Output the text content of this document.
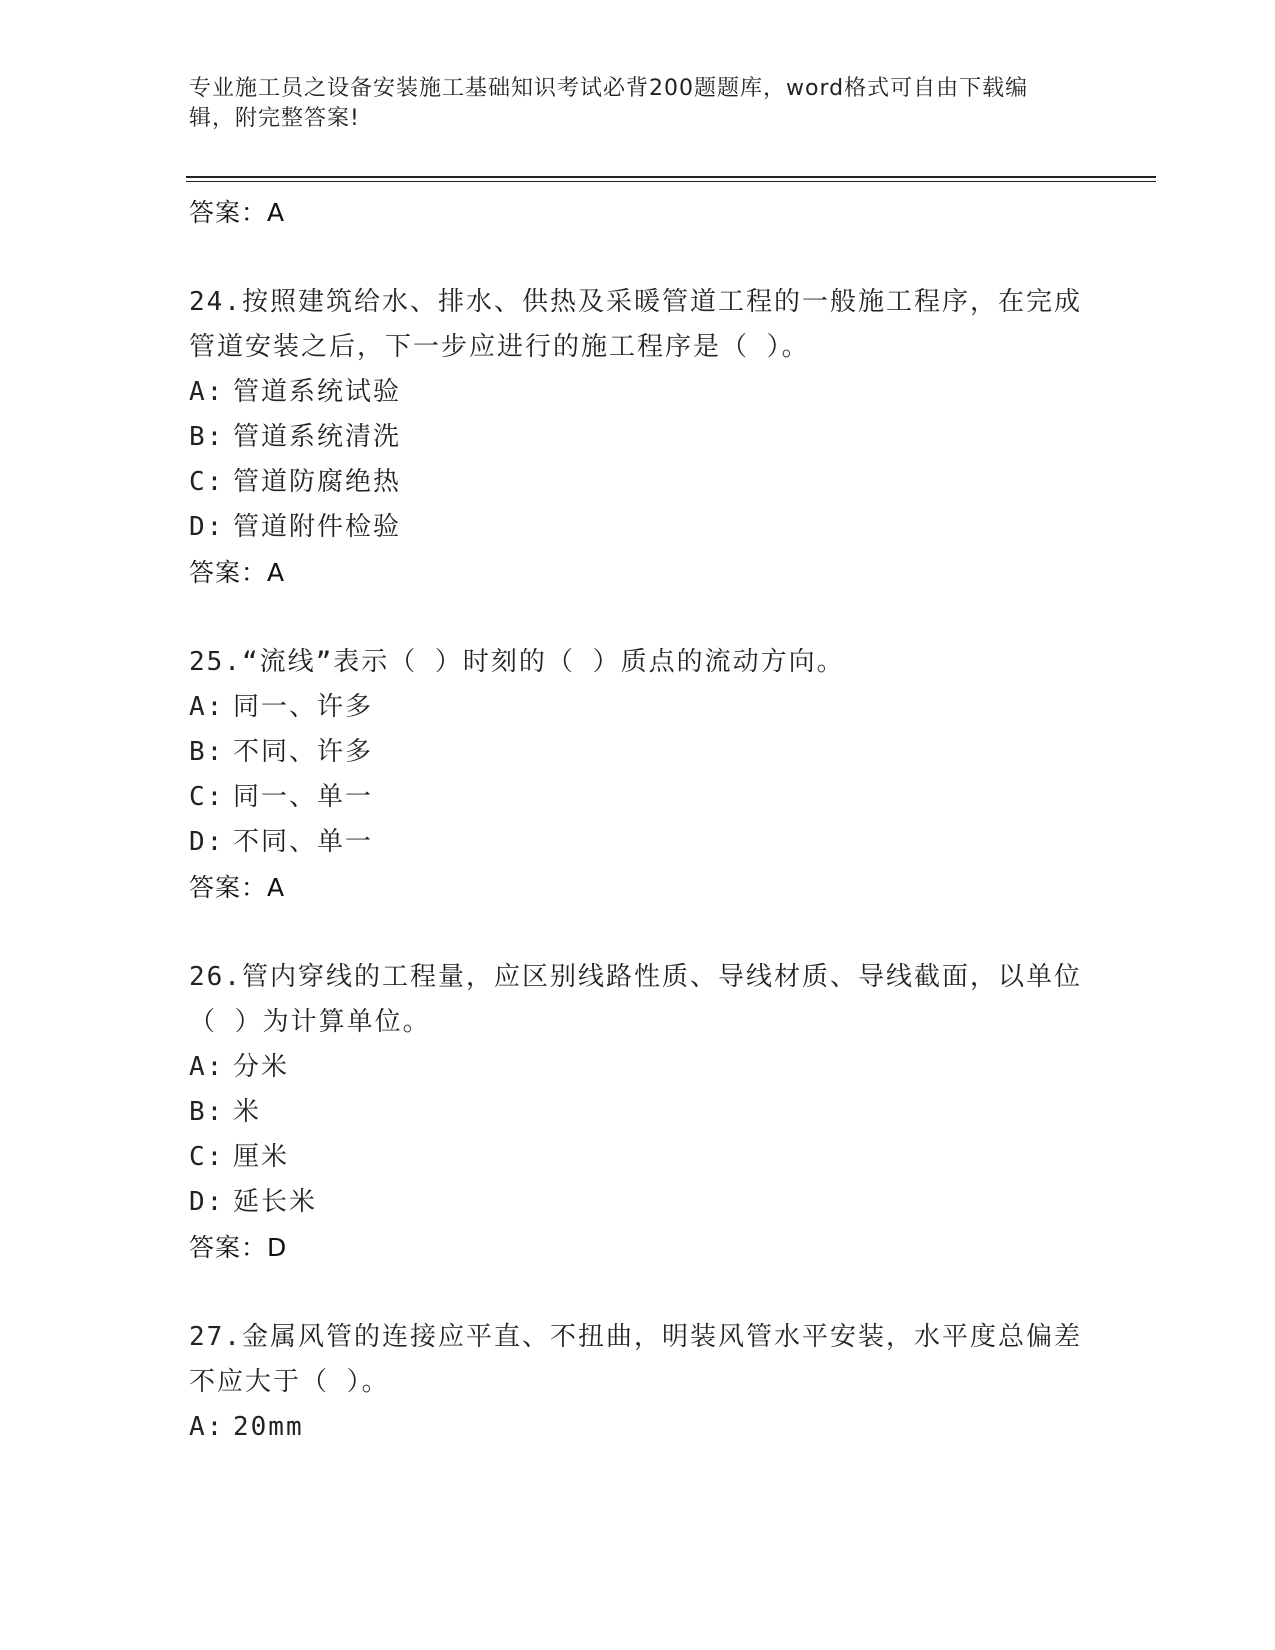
专业施工员之设备安装施工基础知识考试必背200题题库，word格式可自由下载编辑，附完整答案!
答案：A
24.按照建筑给水、排水、供热及采暖管道工程的一般施工程序，在完成管道安装之后，下一步应进行的施工程序是（ ）。
A: 管道系统试验
B: 管道系统清洗
C: 管道防腐绝热
D: 管道附件检验
答案：A
25.“流线”表示（ ）时刻的（ ）质点的流动方向。
A: 同一、许多
B: 不同、许多
C: 同一、单一
D: 不同、单一
答案：A
26.管内穿线的工程量，应区别线路性质、导线材质、导线截面，以单位（ ）为计算单位。
A: 分米
B: 米
C: 厘米
D: 延长米
答案：D
27.金属风管的连接应平直、不扭曲，明装风管水平安装，水平度总偏差不应大于（ ）。
A: 20mm
